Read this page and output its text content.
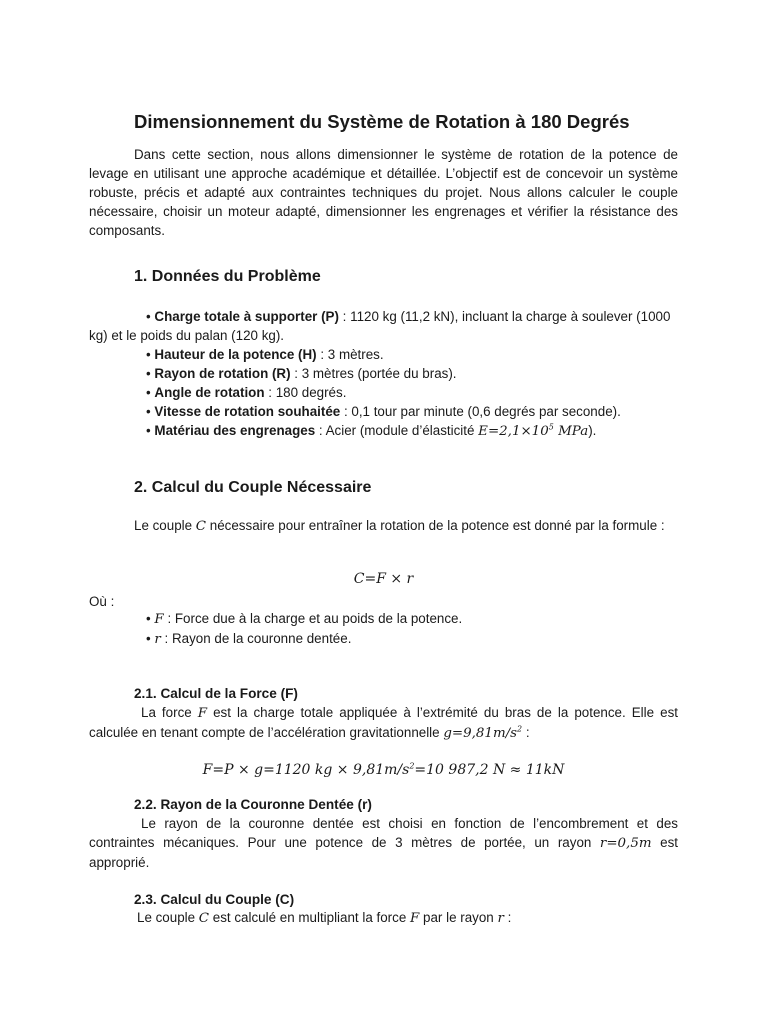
Dimensionnement du Système de Rotation à 180 Degrés

Dans cette section, nous allons dimensionner le système de rotation de la potence de levage en utilisant une approche académique et détaillée. L’objectif est de concevoir un système robuste, précis et adapté aux contraintes techniques du projet. Nous allons calculer le couple nécessaire, choisir un moteur adapté, dimensionner les engrenages et vérifier la résistance des composants.

1. Données du Problème
• Charge totale à supporter (P) : 1120 kg (11,2 kN), incluant la charge à soulever (1000
kg) et le poids du palan (120 kg).
• Hauteur de la potence (H) : 3 mètres.
• Rayon de rotation (R) : 3 mètres (portée du bras).
• Angle de rotation : 180 degrés.
• Vitesse de rotation souhaitée : 0,1 tour par minute (0,6 degrés par seconde).
• Matériau des engrenages : Acier (module d’élasticité $E=2,1\times 10^5$ MPa).
2. Calcul du Couple Nécessaire

Le couple C nécessaire pour entraîner la rotation de la potence est donné par la formule :

C=F × r
Où :
• F : Force due à la charge et au poids de la potence.
• r : Rayon de la couronne dentée.
2.1. Calcul de la Force (F)

La force F est la charge totale appliquée à l’extrémité du bras de la potence. Elle est calculée en tenant compte de l’accélération gravitationnelle $g=9,81m/s^2$ :

F=P × g=1120 kg × $9,81m/s^2=10$ 987,2 N ≈ 11kN
2.2. Rayon de la Couronne Dentée (r)

Le rayon de la couronne dentée est choisi en fonction de l’encombrement et des contraintes mécaniques. Pour une potence de 3 mètres de portée, un rayon r=0,5m est approprié.

2.3. Calcul du Couple (C)

Le couple C est calculé en multipliant la force F par le rayon r :
